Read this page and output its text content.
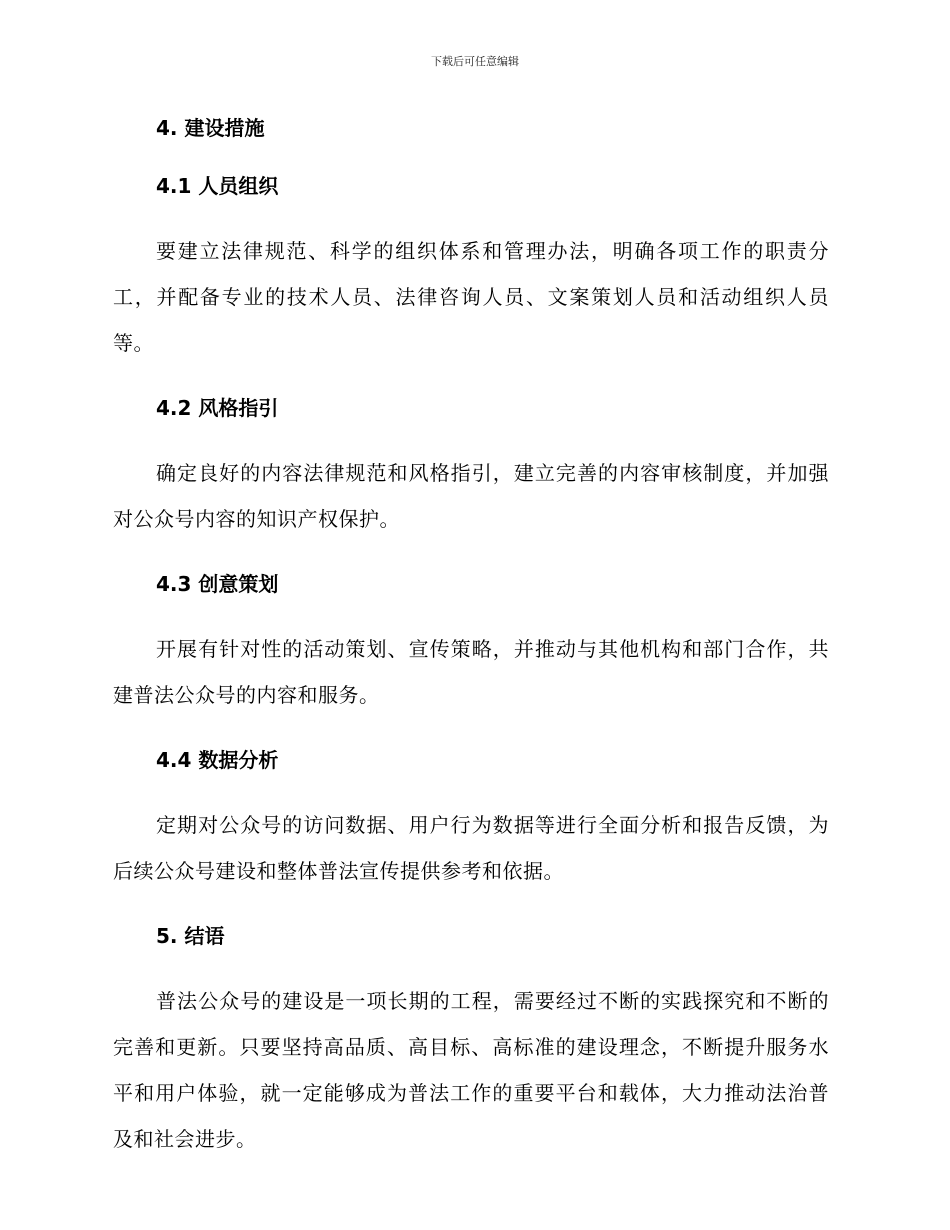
下载后可任意编辑
4. 建设措施
4.1 人员组织

要建立法律规范、科学的组织体系和管理办法，明确各项工作的职责分工，并配备专业的技术人员、法律咨询人员、文案策划人员和活动组织人员等。

4.2 风格指引

确定良好的内容法律规范和风格指引，建立完善的内容审核制度，并加强对公众号内容的知识产权保护。

4.3 创意策划

开展有针对性的活动策划、宣传策略，并推动与其他机构和部门合作，共建普法公众号的内容和服务。

4.4 数据分析

定期对公众号的访问数据、用户行为数据等进行全面分析和报告反馈，为后续公众号建设和整体普法宣传提供参考和依据。

5. 结语

普法公众号的建设是一项长期的工程，需要经过不断的实践探究和不断的完善和更新。只要坚持高品质、高目标、高标准的建设理念，不断提升服务水平和用户体验，就一定能够成为普法工作的重要平台和载体，大力推动法治普及和社会进步。
